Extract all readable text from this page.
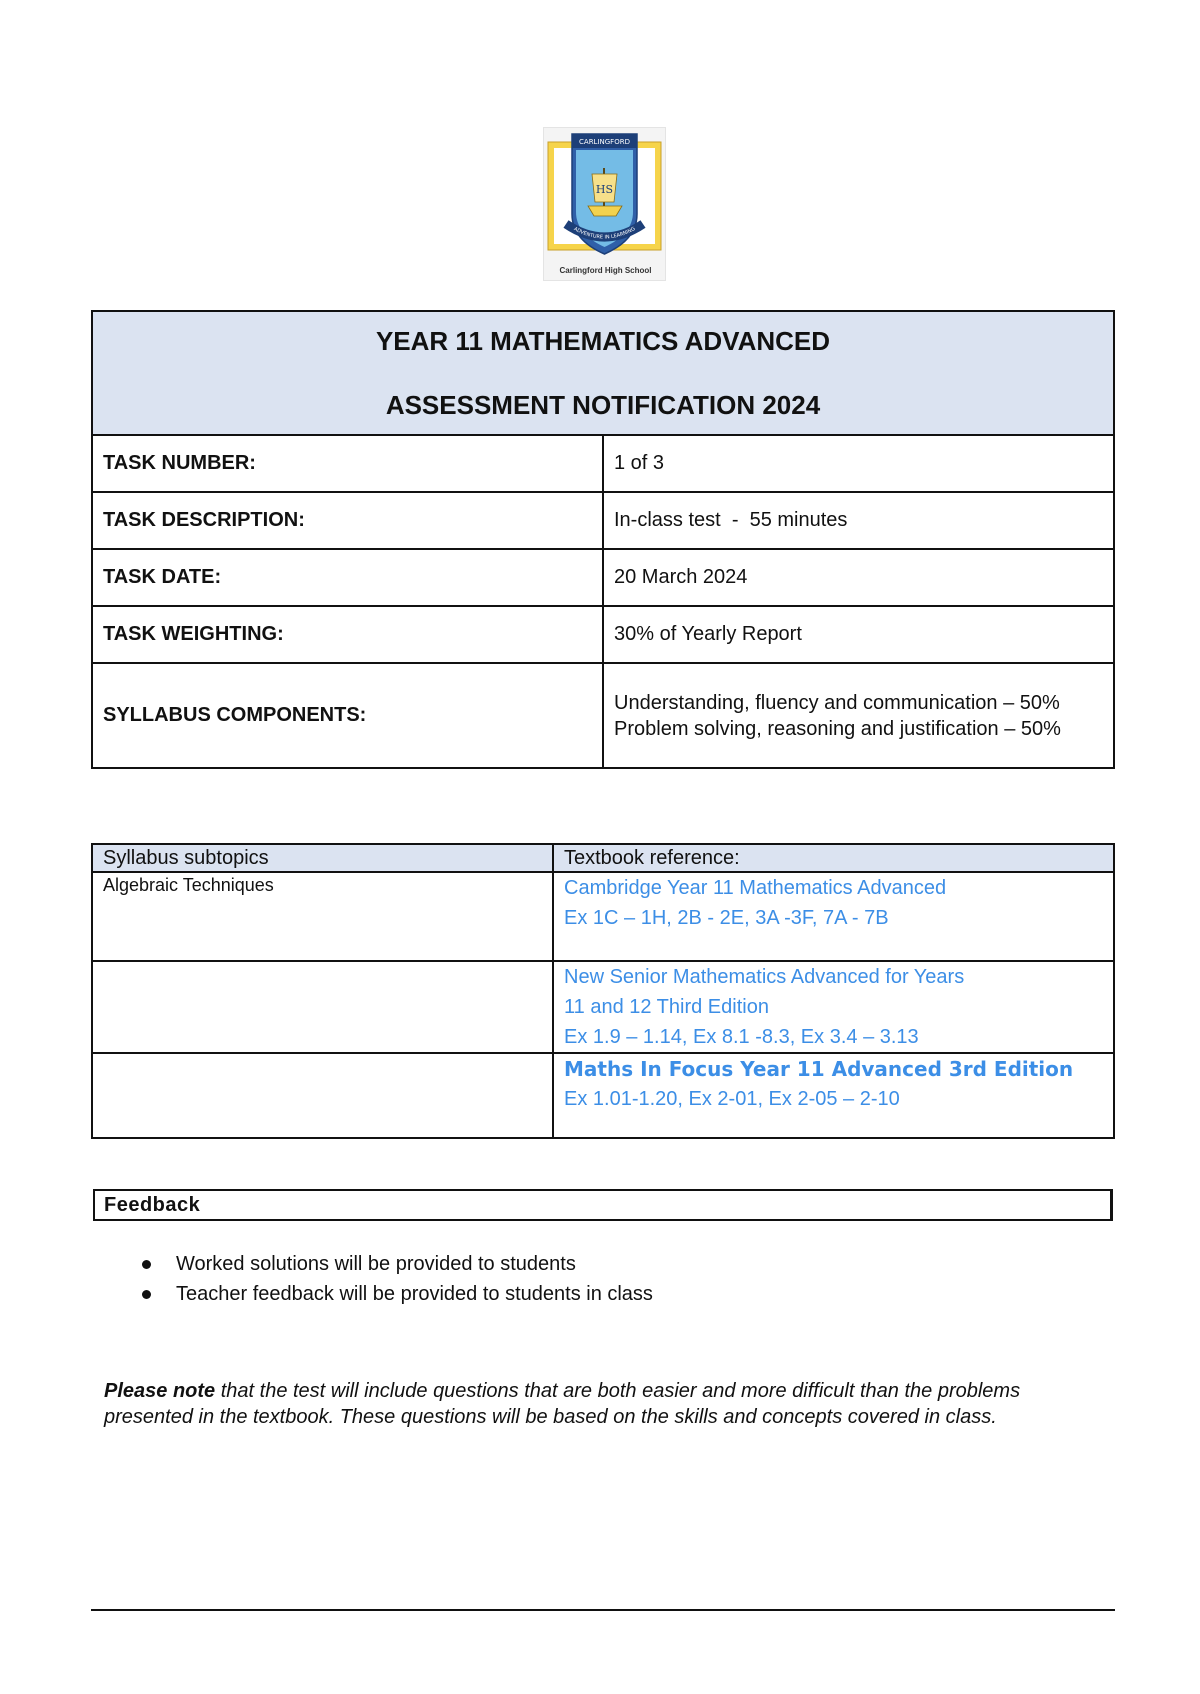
CARLINGFORD
HS
ADVENTURE IN LEARNING
Carlingford High School
YEAR 11 MATHEMATICS ADVANCED
ASSESSMENT NOTIFICATION 2024	

TASK NUMBER:	1 of 3
TASK DESCRIPTION:	In-class test  -  55 minutes
TASK DATE:	20 March 2024
TASK WEIGHTING:	30% of Yearly Report
SYLLABUS COMPONENTS:	Understanding, fluency and communication – 50%
Problem solving, reasoning and justification – 50%
Syllabus subtopics	Textbook reference:
Algebraic Techniques	Cambridge Year 11 Mathematics Advanced
Ex 1C – 1H, 2B - 2E, 3A -3F, 7A - 7B

	New Senior Mathematics Advanced for Years
11 and 12 Third Edition
Ex 1.9 – 1.14, Ex 8.1 -8.3, Ex 3.4 – 3.13

	Maths In Focus Year 11 Advanced 3rd Edition
Ex 1.01-1.20, Ex 2-01, Ex 2-05 – 2-10
Feedback
Worked solutions will be provided to students
Teacher feedback will be provided to students in class

Please note that the test will include questions that are both easier and more difficult than the problems presented in the textbook. These questions will be based on the skills and concepts covered in class.
